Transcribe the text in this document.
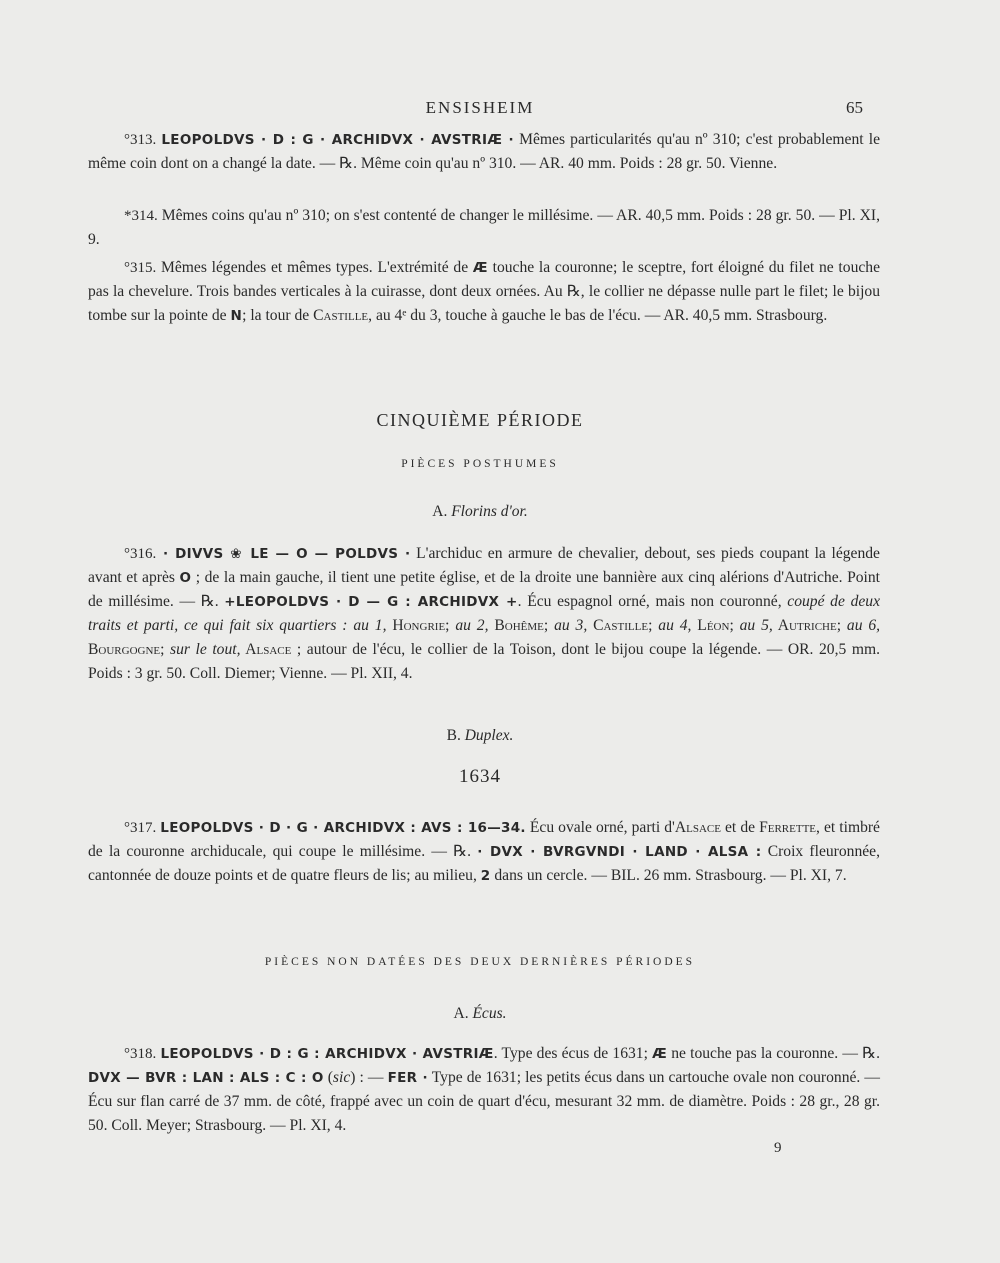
ENSISHEIM	65

°313. LEOPOLDVS · D : G · ARCHIDVX · AVSTRIÆ · Mêmes particularités qu'au nº 310; c'est probablement le même coin dont on a changé la date. — ℞. Même coin qu'au nº 310. — AR. 40 mm. Poids : 28 gr. 50. Vienne.

*314. Mêmes coins qu'au nº 310; on s'est contenté de changer le millésime. — AR. 40,5 mm. Poids : 28 gr. 50. — Pl. XI, 9.

°315. Mêmes légendes et mêmes types. L'extrémité de Æ touche la couronne; le sceptre, fort éloigné du filet ne touche pas la chevelure. Trois bandes verticales à la cuirasse, dont deux ornées. Au ℞, le collier ne dépasse nulle part le filet; le bijou tombe sur la pointe de N; la tour de Castille, au 4ᵉ du 3, touche à gauche le bas de l'écu. — AR. 40,5 mm. Strasbourg.

CINQUIÈME PÉRIODE

PIÈCES POSTHUMES

A. Florins d'or.

°316. · DIVVS ❀ LE — O — POLDVS · L'archiduc en armure de chevalier, debout, ses pieds coupant la légende avant et après O ; de la main gauche, il tient une petite église, et de la droite une bannière aux cinq alérions d'Autriche. Point de millésime. — ℞. +LEOPOLDVS · D — G : ARCHIDVX +. Écu espagnol orné, mais non couronné, coupé de deux traits et parti, ce qui fait six quartiers : au 1, Hongrie; au 2, Bohême; au 3, Castille; au 4, Léon; au 5, Autriche; au 6, Bourgogne; sur le tout, Alsace ; autour de l'écu, le collier de la Toison, dont le bijou coupe la légende. — OR. 20,5 mm. Poids : 3 gr. 50. Coll. Diemer; Vienne. — Pl. XII, 4.

B. Duplex.

1634

°317. LEOPOLDVS · D · G · ARCHIDVX : AVS : 16—34. Écu ovale orné, parti d'Alsace et de Ferrette, et timbré de la couronne archiducale, qui coupe le millésime. — ℞. · DVX · BVRGVNDI · LAND · ALSA : Croix fleuronnée, cantonnée de douze points et de quatre fleurs de lis; au milieu, 2 dans un cercle. — BIL. 26 mm. Strasbourg. — Pl. XI, 7.

PIÈCES NON DATÉES DES DEUX DERNIÈRES PÉRIODES

A. Écus.

°318. LEOPOLDVS · D : G : ARCHIDVX · AVSTRIÆ. Type des écus de 1631; Æ ne touche pas la couronne. — ℞. DVX — BVR : LAN : ALS : C : O (sic) : — FER · Type de 1631; les petits écus dans un cartouche ovale non couronné. — Écu sur flan carré de 37 mm. de côté, frappé avec un coin de quart d'écu, mesurant 32 mm. de diamètre. Poids : 28 gr., 28 gr. 50. Coll. Meyer; Strasbourg. — Pl. XI, 4.

9
